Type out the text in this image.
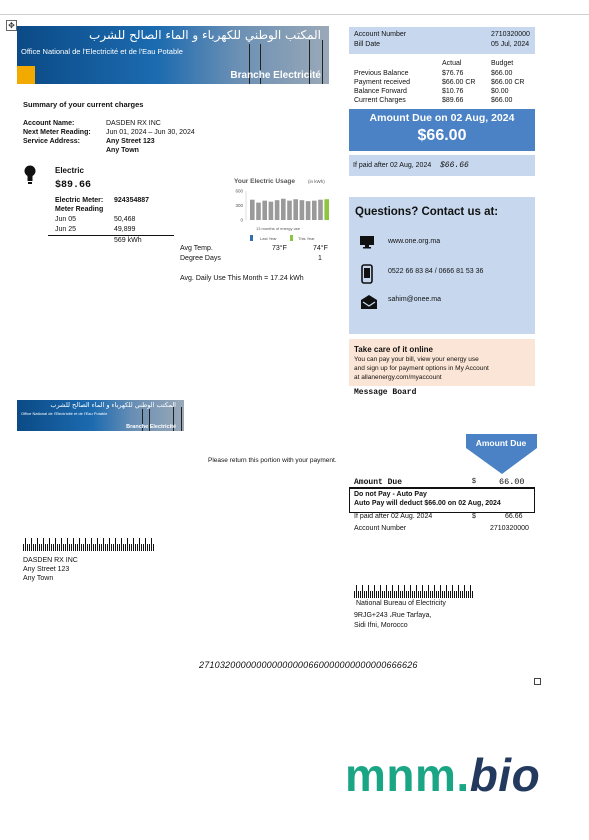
✥
المكتب الوطني للكهرباء و الماء الصالح للشرب
Office National de l'Electricité et de l'Eau Potable
Branche Electricité
Summary of your current charges
Account Name:	DASDEN RX INC
Next Meter Reading: Jun 01, 2024 – Jun 30, 2024
Service Address:	Any Street 123
Any Town
Electric
$89.66
Electric Meter: 924354887
Meter Reading
Jun 05	50,468
Jun 25	49,899
569 kWh
Your Electric Usage	(in kWh)
600
300
0
13 months of energy use
Last Year	This Year
Avg Temp.	73°F	74°F
Degree Days	1
Avg. Daily Use This Month = 17.24 kWh
Account Number	2710320000
Bill Date	05 Jul, 2024
Actual	Budget
Previous Balance	$76.76	$66.00
Payment received	$66.00 CR $66.00 CR
Balance Forward	$10.76	$0.00
Current Charges	$89.66	$66.00
Amount Due on 02 Aug, 2024
$66.00
If paid after 02 Aug, 2024 $66.66
Questions? Contact us at:
www.one.org.ma
0522 66 83 84 / 0666 81 53 36
sahim@onee.ma
Take care of it online
You can pay your bill, view your energy use
and sign up for payment options in My Account
at allanenergy.com/myaccount
Message Board
المكتب الوطني للكهرباء و الماء الصالح للشرب
Office National de l'Electricité et de l'Eau Potable
Branche Electricité
Please return this portion with your payment.
Amount Due
Amount Due	$	66.00
Do not Pay - Auto Pay
Auto Pay will deduct $66.00 on 02 Aug, 2024
If paid after 02 Aug. 2024	$	66.66
Account Number	2710320000
DASDEN RX INC
Any Street 123
Any Town
National Bureau of Electricity
9RJG+243 ،Rue Tarfaya,
Sidi Ifni, Morocco
271032000000000000000660000000000000666626
mnm.bio
